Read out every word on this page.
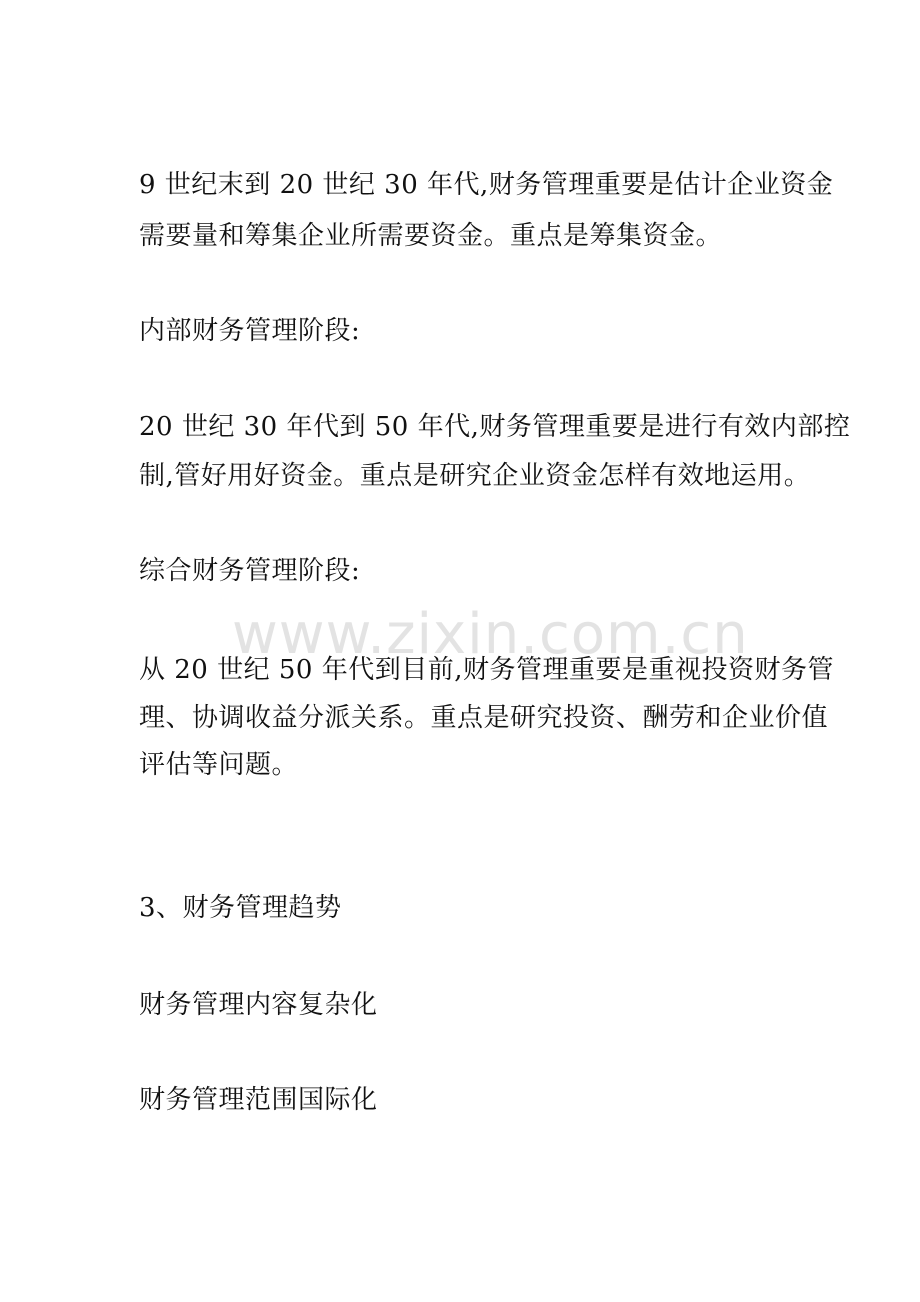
9 世纪末到 20 世纪 30 年代,财务管理重要是估计企业资金
需要量和筹集企业所需要资金。重点是筹集资金。
内部财务管理阶段:
20 世纪 30 年代到 50 年代,财务管理重要是进行有效内部控
制,管好用好资金。重点是研究企业资金怎样有效地运用。
综合财务管理阶段:
从 20 世纪 50 年代到目前,财务管理重要是重视投资财务管
理、协调收益分派关系。重点是研究投资、酬劳和企业价值
评估等问题。
3、财务管理趋势
财务管理内容复杂化
财务管理范围国际化
www.zixin.com.cn
